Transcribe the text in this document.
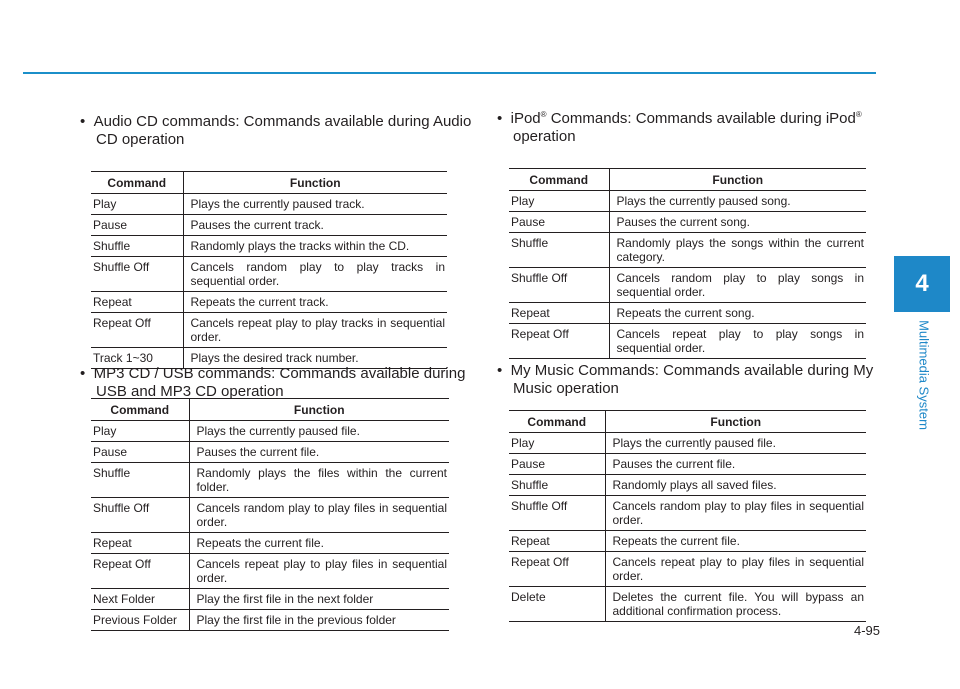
4
Multimedia System
• Audio CD commands: Commands available during Audio CD operation
Command	Function
Play	Plays the currently paused track.
Pause	Pauses the current track.
Shuffle	Randomly plays the tracks within the CD.
Shuffle Off	Cancels random play to play tracks in sequential order.
Repeat	Repeats the current track.
Repeat Off	Cancels repeat play to play tracks in sequential order.
Track 1~30	Plays the desired track number.
• MP3 CD / USB commands: Commands available during USB and MP3 CD operation
Command	Function
Play	Plays the currently paused file.
Pause	Pauses the current file.
Shuffle	Randomly plays the files within the current folder.
Shuffle Off	Cancels random play to play files in sequential order.
Repeat	Repeats the current file.
Repeat Off	Cancels repeat play to play files in sequential order.
Next Folder	Play the first file in the next folder
Previous Folder	Play the first file in the previous folder
• iPod® Commands: Commands available during iPod® operation
Command	Function
Play	Plays the currently paused song.
Pause	Pauses the current song.
Shuffle	Randomly plays the songs within the current category.
Shuffle Off	Cancels random play to play songs in sequential order.
Repeat	Repeats the current song.
Repeat Off	Cancels repeat play to play songs in sequential order.
• My Music Commands: Commands available during My Music operation
Command	Function
Play	Plays the currently paused file.
Pause	Pauses the current file.
Shuffle	Randomly plays all saved files.
Shuffle Off	Cancels random play to play files in sequential order.
Repeat	Repeats the current file.
Repeat Off	Cancels repeat play to play files in sequential order.
Delete	Deletes the current file. You will bypass an additional confirmation process.
4-95
